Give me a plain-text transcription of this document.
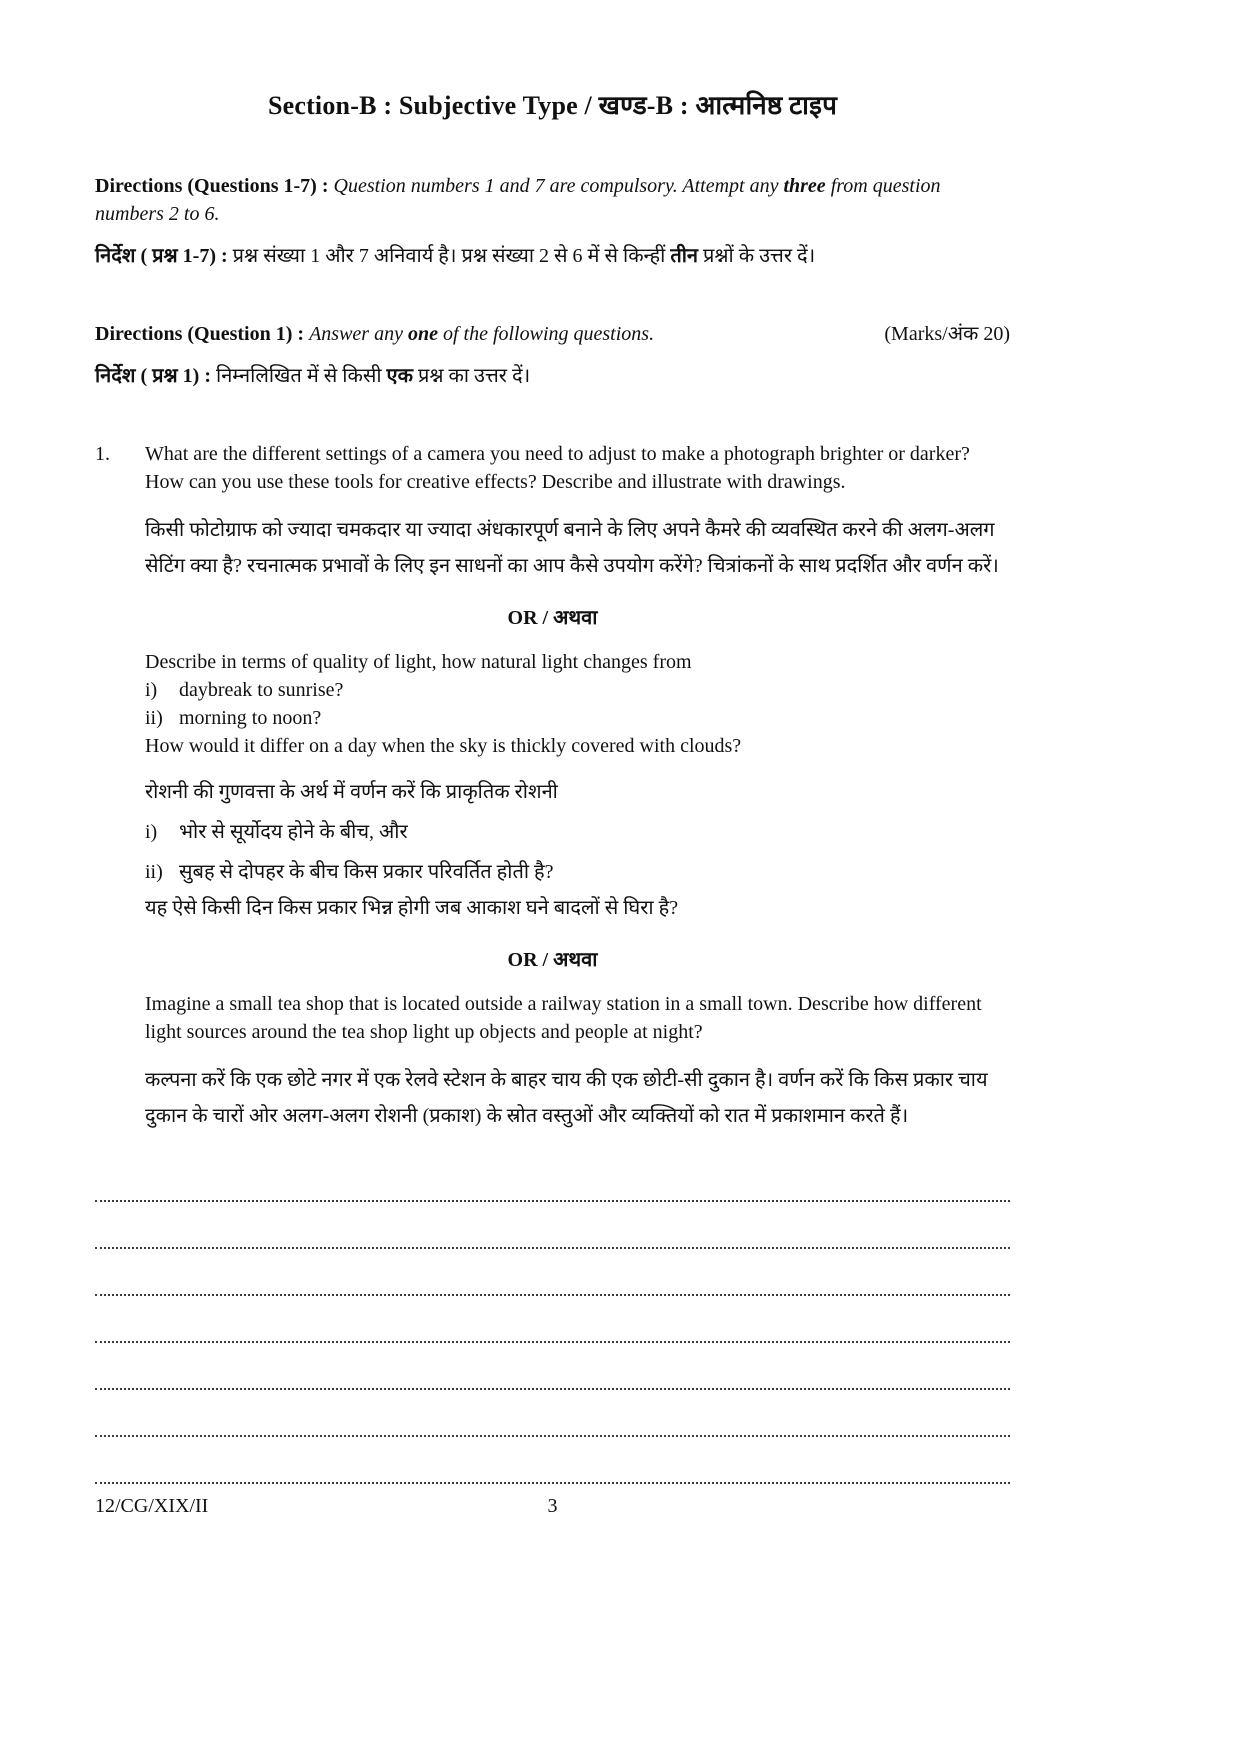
Section-B : Subjective Type / खण्ड-B : आत्मनिष्ठ टाइप

Directions (Questions 1-7) : Question numbers 1 and 7 are compulsory. Attempt any three from question numbers 2 to 6.

निर्देश ( प्रश्न 1-7) : प्रश्न संख्या 1 और 7 अनिवार्य है। प्रश्न संख्या 2 से 6 में से किन्हीं तीन प्रश्नों के उत्तर दें।

Directions (Question 1) : Answer any one of the following questions.	(Marks/अंक 20)

निर्देश ( प्रश्न 1) : निम्नलिखित में से किसी एक प्रश्न का उत्तर दें।

1.	What are the different settings of a camera you need to adjust to make a photograph brighter or darker? How can you use these tools for creative effects? Describe and illustrate with drawings.

किसी फोटोग्राफ को ज्यादा चमकदार या ज्यादा अंधकारपूर्ण बनाने के लिए अपने कैमरे की व्यवस्थित करने की अलग-अलग सेटिंग क्या है? रचनात्मक प्रभावों के लिए इन साधनों का आप कैसे उपयोग करेंगे? चित्रांकनों के साथ प्रदर्शित और वर्णन करें।

OR / अथवा

Describe in terms of quality of light, how natural light changes from

i)	daybreak to sunrise?
ii) morning to noon?

How would it differ on a day when the sky is thickly covered with clouds?

रोशनी की गुणवत्ता के अर्थ में वर्णन करें कि प्राकृतिक रोशनी

i)	भोर से सूर्योदय होने के बीच, और
ii) सुबह से दोपहर के बीच किस प्रकार परिवर्तित होती है?

यह ऐसे किसी दिन किस प्रकार भिन्न होगी जब आकाश घने बादलों से घिरा है?

OR / अथवा

Imagine a small tea shop that is located outside a railway station in a small town. Describe how different light sources around the tea shop light up objects and people at night?

कल्पना करें कि एक छोटे नगर में एक रेलवे स्टेशन के बाहर चाय की एक छोटी-सी दुकान है। वर्णन करें कि किस प्रकार चाय दुकान के चारों ओर अलग-अलग रोशनी (प्रकाश) के स्रोत वस्तुओं और व्यक्तियों को रात में प्रकाशमान करते हैं।

12/CG/XIX/II	3
